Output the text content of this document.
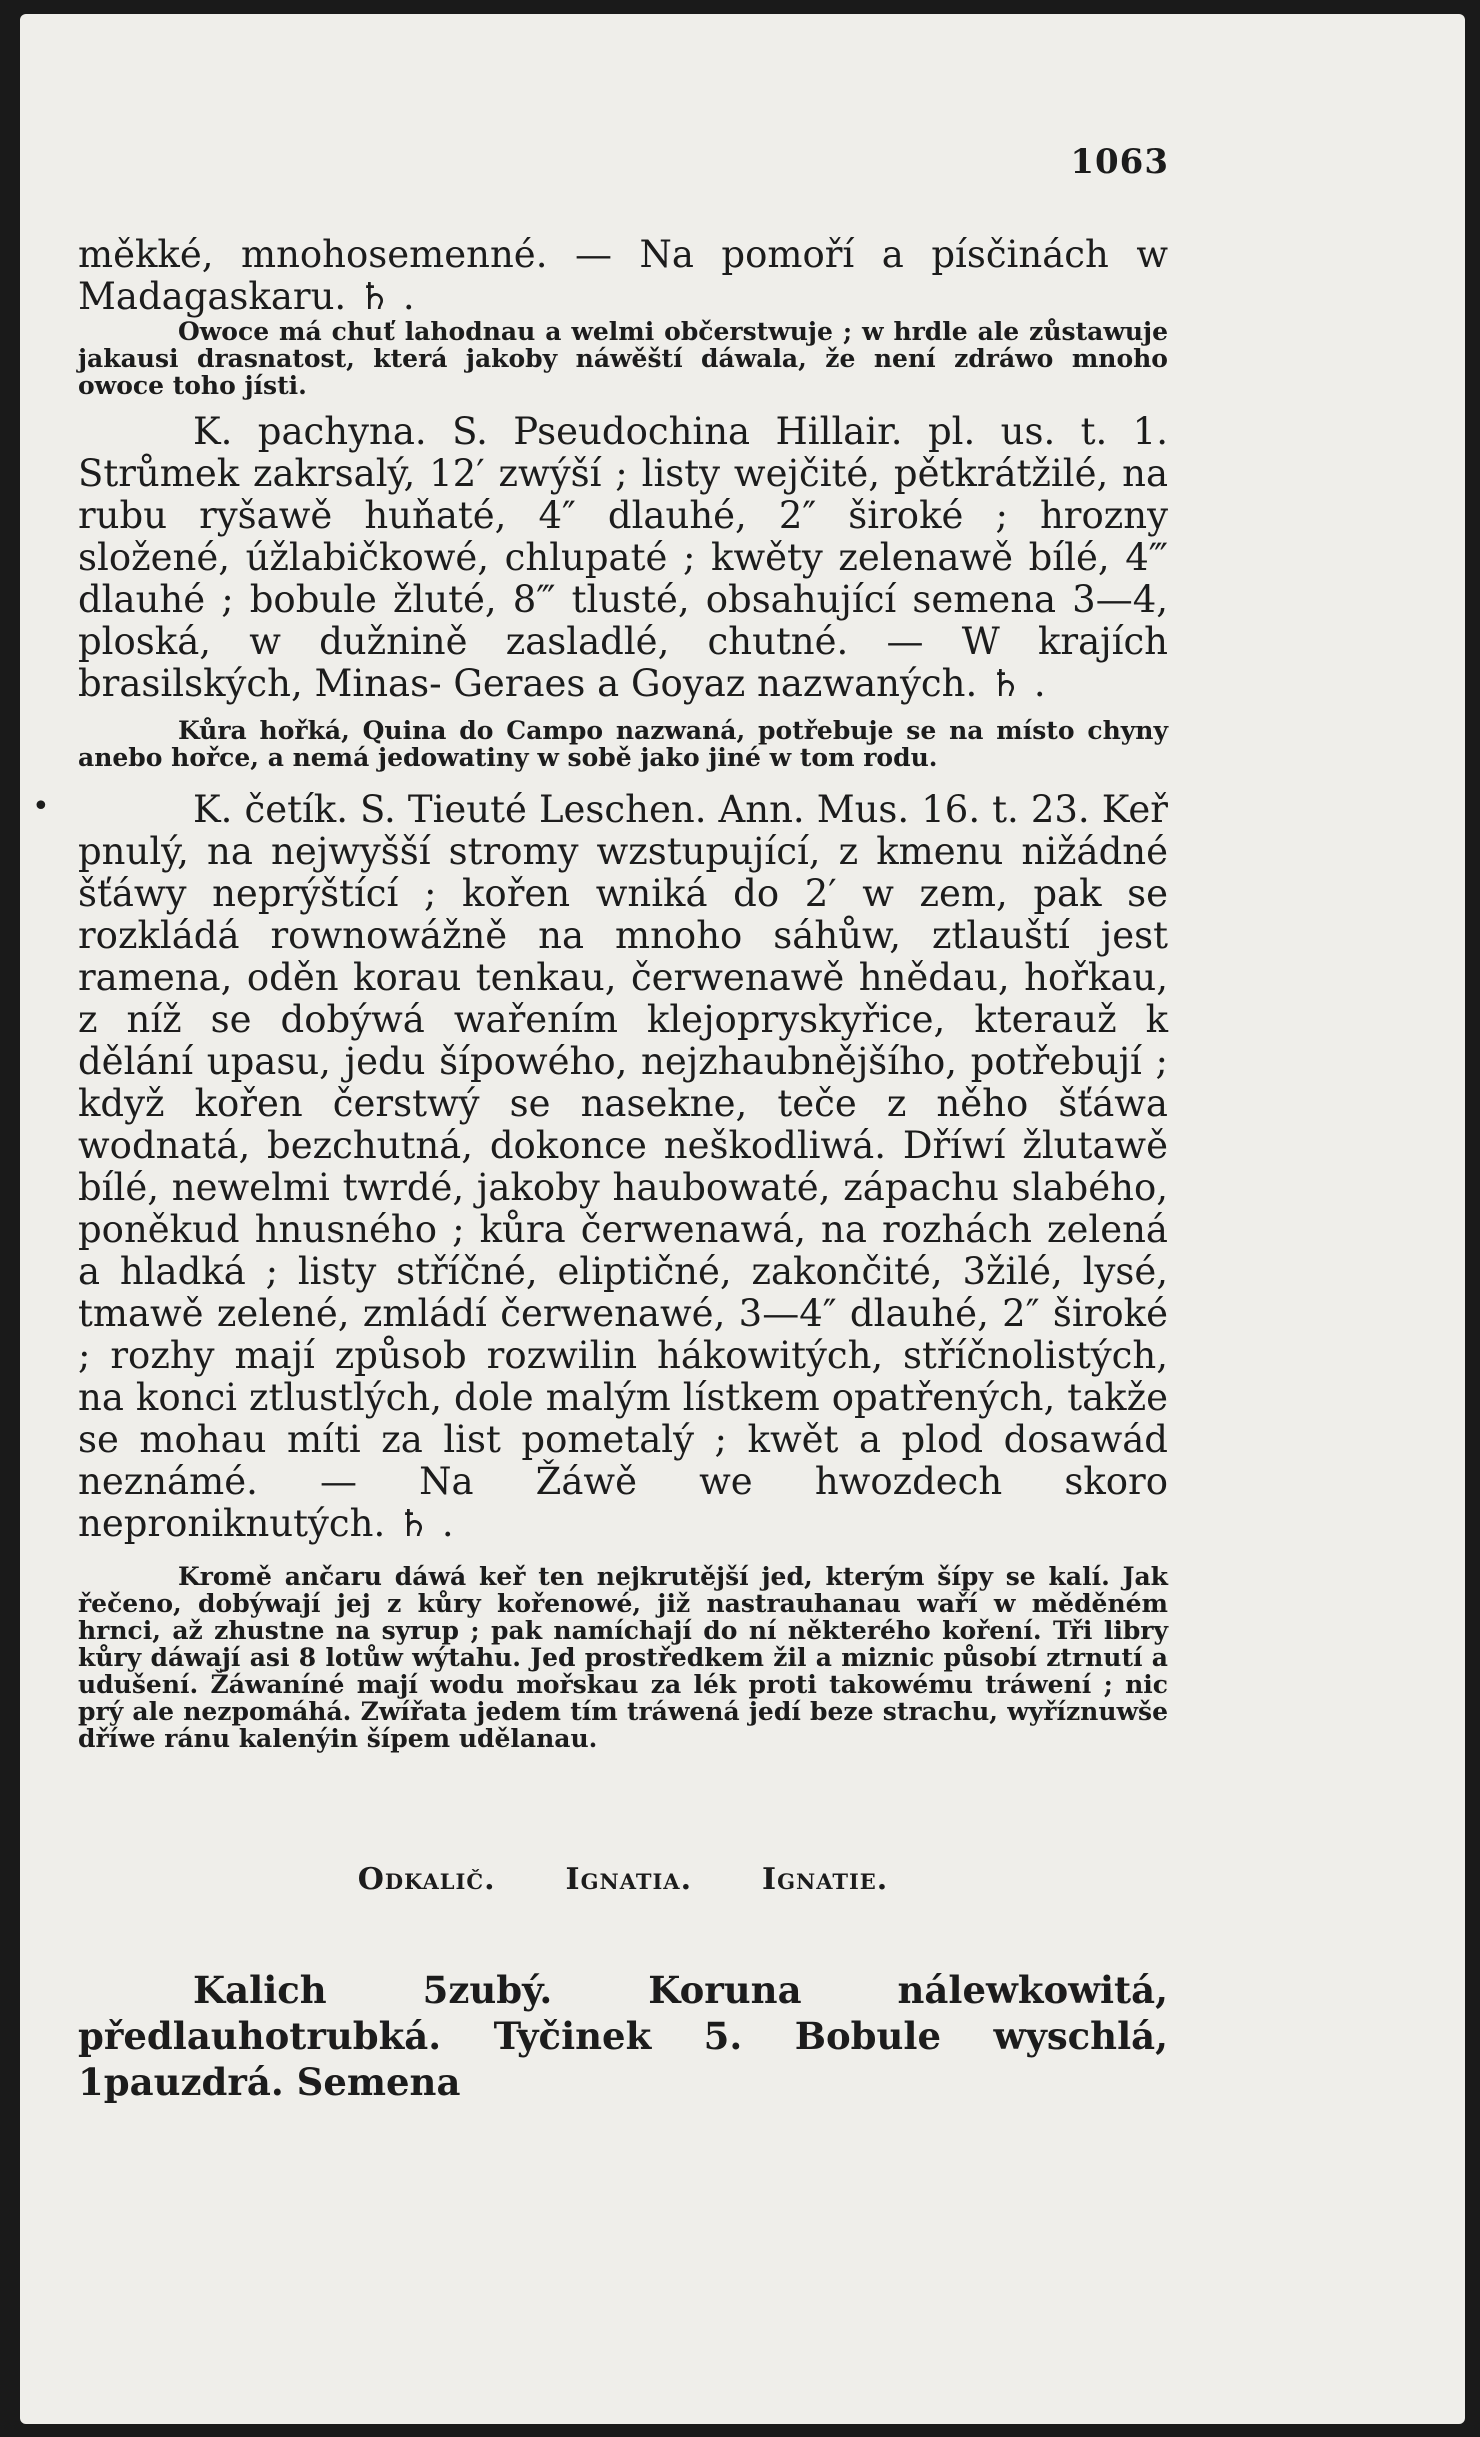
1063

měkké, mnohosemenné. — Na pomoří a písčinách w Madagaskaru. ♄ .

Owoce má chuť lahodnau a welmi občerstwuje ; w hrdle ale zůstawuje jakausi drasnatost, která jakoby náwěští dáwala, že není zdráwo mnoho owoce toho jísti.

K. pachyna. S. Pseudochina Hillair. pl. us. t. 1. Strůmek zakrsalý, 12′ zwýší ; listy wejčité, pětkrátžilé, na rubu ryšawě huňaté, 4″ dlauhé, 2″ široké ; hrozny složené, úžlabičkowé, chlupaté ; kwěty zelenawě bílé, 4‴ dlauhé ; bobule žluté, 8‴ tlusté, obsahující semena 3—4, ploská, w dužnině zasladlé, chutné. — W krajích brasilských, Minas- Geraes a Goyaz nazwaných. ♄ .

Kůra hořká, Quina do Campo nazwaná, potřebuje se na místo chyny anebo hořce, a nemá jedowatiny w sobě jako jiné w tom rodu.

•	K. četík. S. Tieuté Leschen. Ann. Mus. 16. t. 23. Keř pnulý, na nejwyšší stromy wzstupující, z kmenu nižádné šťáwy neprýštící ; kořen wniká do 2′ w zem, pak se rozkládá rownowážně na mnoho sáhůw, ztlauští jest ramena, oděn korau tenkau, čerwenawě hnědau, hořkau, z níž se dobýwá wařením klejopryskyřice, kterauž k dělání upasu, jedu šípowého, nejzhaubnějšího, potřebují ; když kořen čerstwý se nasekne, teče z něho šťáwa wodnatá, bezchutná, dokonce neškodliwá. Dříwí žlutawě bílé, newelmi twrdé, jakoby haubowaté, zápachu slabého, poněkud hnusného ; kůra čerwenawá, na rozhách zelená a hladká ; listy stříčné, eliptičné, zakončité, 3žilé, lysé, tmawě zelené, zmládí čerwenawé, 3—4″ dlauhé, 2″ široké ; rozhy mají způsob rozwilin hákowitých, stříčnolistých, na konci ztlustlých, dole malým lístkem opatřených, takže se mohau míti za list pometalý ; kwět a plod dosawád neznámé. — Na Žáwě we hwozdech skoro neproniknutých. ♄ .

Kromě ančaru dáwá keř ten nejkrutější jed, kterým šípy se kalí. Jak řečeno, dobýwají jej z kůry kořenowé, již nastrauhanau waří w měděném hrnci, až zhustne na syrup ; pak namíchají do ní některého koření. Tři libry kůry dáwají asi 8 lotůw wýtahu. Jed prostředkem žil a miznic působí ztrnutí a udušení. Žáwaníné mají wodu mořskau za lék proti takowému tráwení ; nic prý ale nezpomáhá. Zwířata jedem tím tráwená jedí beze strachu, wyříznuwše dříwe ránu kalenýin šípem udělanau.

Odkalič. Ignatia. Ignatie.

Kalich 5zubý. Koruna nálewkowitá, předlauhotrubká. Tyčinek 5. Bobule wyschlá, 1pauzdrá. Semena
